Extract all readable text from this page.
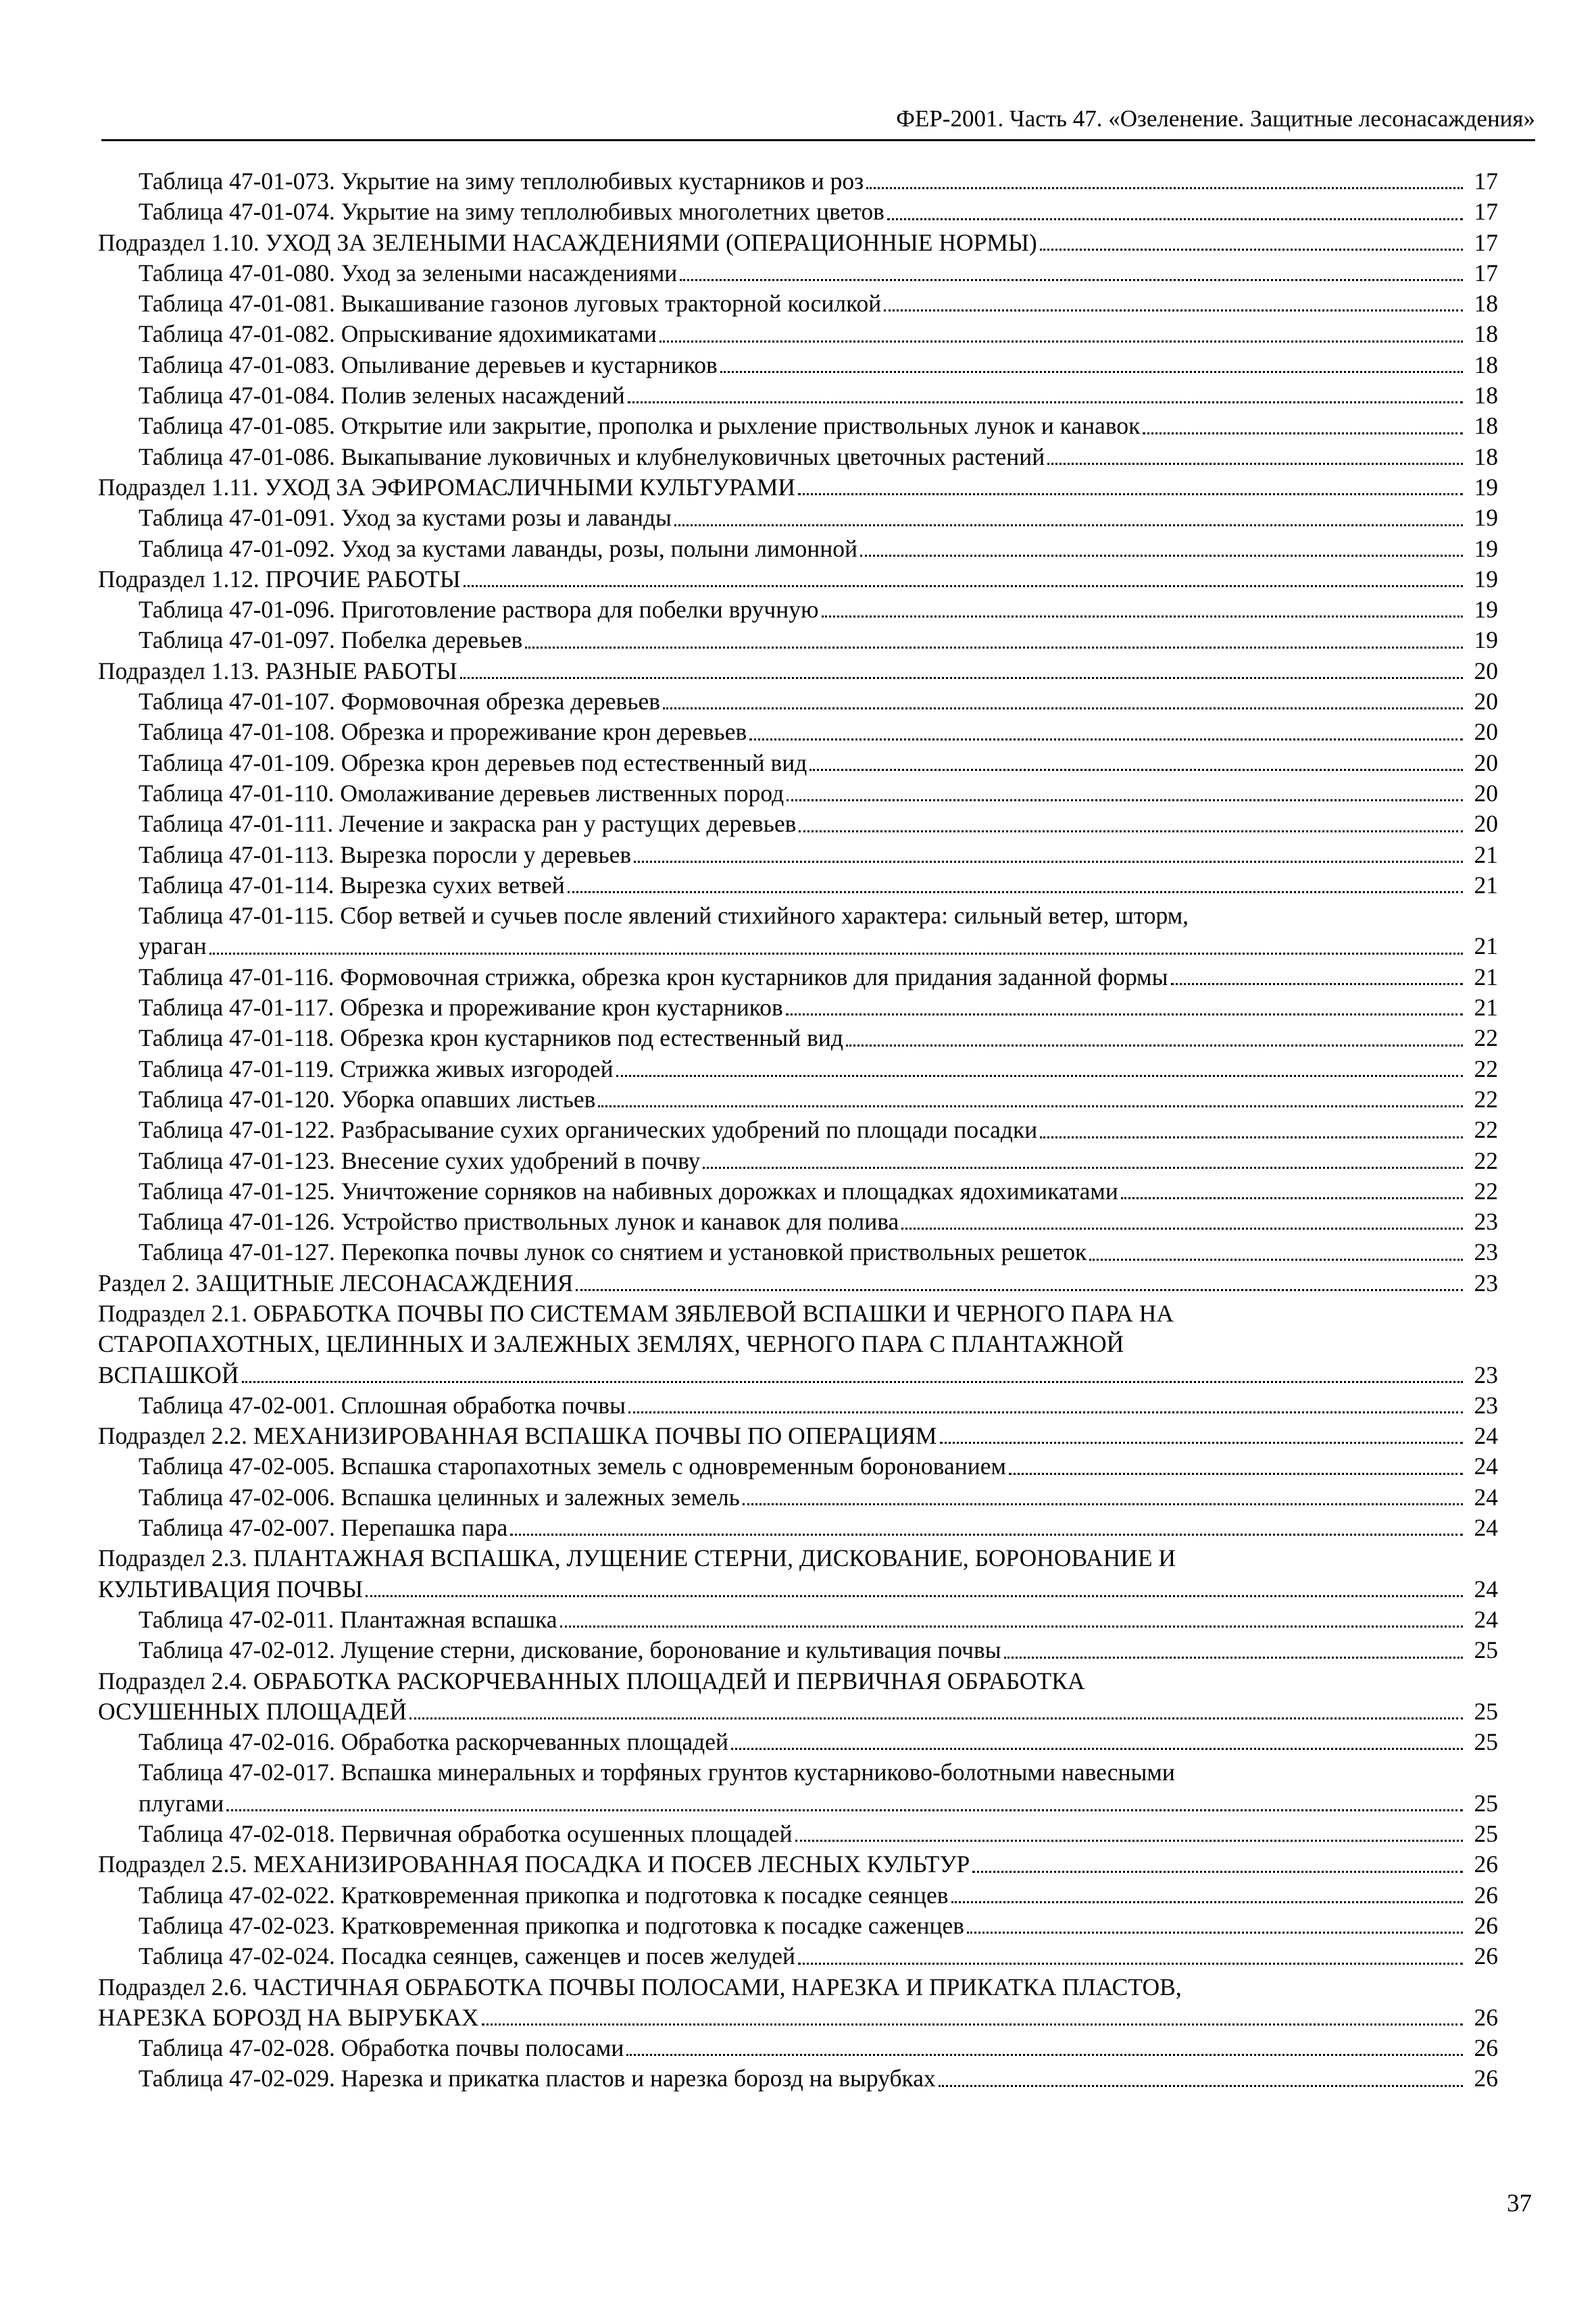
ФЕР-2001. Часть 47. «Озеленение. Защитные лесонасаждения»
Таблица 47-01-073. Укрытие на зиму теплолюбивых кустарников и роз	17
Таблица 47-01-074. Укрытие на зиму теплолюбивых многолетних цветов	17
Подраздел 1.10. УХОД ЗА ЗЕЛЕНЫМИ НАСАЖДЕНИЯМИ (ОПЕРАЦИОННЫЕ НОРМЫ)	17
Таблица 47-01-080. Уход за зелеными насаждениями	17
Таблица 47-01-081. Выкашивание газонов луговых тракторной косилкой	18
Таблица 47-01-082. Опрыскивание ядохимикатами	18
Таблица 47-01-083. Опыливание деревьев и кустарников	18
Таблица 47-01-084. Полив зеленых насаждений	18
Таблица 47-01-085. Открытие или закрытие, прополка и рыхление приствольных лунок и канавок	18
Таблица 47-01-086. Выкапывание луковичных и клубнелуковичных цветочных растений	18
Подраздел 1.11. УХОД ЗА ЭФИРОМАСЛИЧНЫМИ КУЛЬТУРАМИ	19
Таблица 47-01-091. Уход за кустами розы и лаванды	19
Таблица 47-01-092. Уход за кустами лаванды, розы, полыни лимонной	19
Подраздел 1.12. ПРОЧИЕ РАБОТЫ	19
Таблица 47-01-096. Приготовление раствора для побелки вручную	19
Таблица 47-01-097. Побелка деревьев	19
Подраздел 1.13. РАЗНЫЕ РАБОТЫ	20
Таблица 47-01-107. Формовочная обрезка деревьев	20
Таблица 47-01-108. Обрезка и прореживание крон деревьев	20
Таблица 47-01-109. Обрезка крон деревьев под естественный вид	20
Таблица 47-01-110. Омолаживание деревьев лиственных пород	20
Таблица 47-01-111. Лечение и закраска ран у растущих деревьев	20
Таблица 47-01-113. Вырезка поросли у деревьев	21
Таблица 47-01-114. Вырезка сухих ветвей	21
Таблица 47-01-115. Сбор ветвей и сучьев после явлений стихийного характера: сильный ветер, шторм,
ураган	21
Таблица 47-01-116. Формовочная стрижка, обрезка крон кустарников для придания заданной формы	21
Таблица 47-01-117. Обрезка и прореживание крон кустарников	21
Таблица 47-01-118. Обрезка крон кустарников под естественный вид	22
Таблица 47-01-119. Стрижка живых изгородей	22
Таблица 47-01-120. Уборка опавших листьев	22
Таблица 47-01-122. Разбрасывание сухих органических удобрений по площади посадки	22
Таблица 47-01-123. Внесение сухих удобрений в почву	22
Таблица 47-01-125. Уничтожение сорняков на набивных дорожках и площадках ядохимикатами	22
Таблица 47-01-126. Устройство приствольных лунок и канавок для полива	23
Таблица 47-01-127. Перекопка почвы лунок со снятием и установкой приствольных решеток	23
Раздел 2. ЗАЩИТНЫЕ ЛЕСОНАСАЖДЕНИЯ	23
Подраздел 2.1. ОБРАБОТКА ПОЧВЫ ПО СИСТЕМАМ ЗЯБЛЕВОЙ ВСПАШКИ И ЧЕРНОГО ПАРА НА
СТАРОПАХОТНЫХ, ЦЕЛИННЫХ И ЗАЛЕЖНЫХ ЗЕМЛЯХ, ЧЕРНОГО ПАРА С ПЛАНТАЖНОЙ
ВСПАШКОЙ	23
Таблица 47-02-001. Сплошная обработка почвы	23
Подраздел 2.2. МЕХАНИЗИРОВАННАЯ ВСПАШКА ПОЧВЫ ПО ОПЕРАЦИЯМ	24
Таблица 47-02-005. Вспашка старопахотных земель с одновременным боронованием	24
Таблица 47-02-006. Вспашка целинных и залежных земель	24
Таблица 47-02-007. Перепашка пара	24
Подраздел 2.3. ПЛАНТАЖНАЯ ВСПАШКА, ЛУЩЕНИЕ СТЕРНИ, ДИСКОВАНИЕ, БОРОНОВАНИЕ И
КУЛЬТИВАЦИЯ ПОЧВЫ	24
Таблица 47-02-011. Плантажная вспашка	24
Таблица 47-02-012. Лущение стерни, дискование, боронование и культивация почвы	25
Подраздел 2.4. ОБРАБОТКА РАСКОРЧЕВАННЫХ ПЛОЩАДЕЙ И ПЕРВИЧНАЯ ОБРАБОТКА
ОСУШЕННЫХ ПЛОЩАДЕЙ	25
Таблица 47-02-016. Обработка раскорчеванных площадей	25
Таблица 47-02-017. Вспашка минеральных и торфяных грунтов кустарниково-болотными навесными
плугами	25
Таблица 47-02-018. Первичная обработка осушенных площадей	25
Подраздел 2.5. МЕХАНИЗИРОВАННАЯ ПОСАДКА И ПОСЕВ ЛЕСНЫХ КУЛЬТУР	26
Таблица 47-02-022. Кратковременная прикопка и подготовка к посадке сеянцев	26
Таблица 47-02-023. Кратковременная прикопка и подготовка к посадке саженцев	26
Таблица 47-02-024. Посадка сеянцев, саженцев и посев желудей	26
Подраздел 2.6. ЧАСТИЧНАЯ ОБРАБОТКА ПОЧВЫ ПОЛОСАМИ, НАРЕЗКА И ПРИКАТКА ПЛАСТОВ,
НАРЕЗКА БОРОЗД НА ВЫРУБКАХ	26
Таблица 47-02-028. Обработка почвы полосами	26
Таблица 47-02-029. Нарезка и прикатка пластов и нарезка борозд на вырубках	26
37
